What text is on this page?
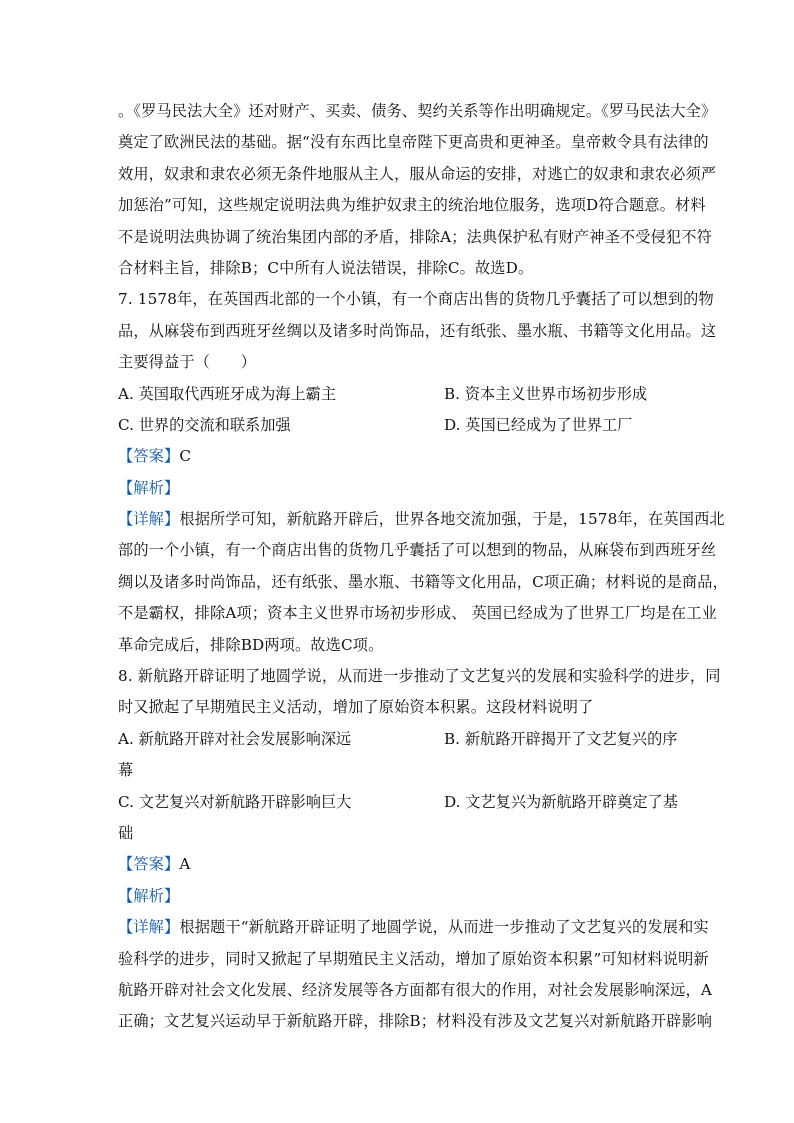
。《罗马民法大全》还对财产、买卖、债务、契约关系等作出明确规定。《罗马民法大全》
奠定了欧洲民法的基础。据“没有东西比皇帝陛下更高贵和更神圣。皇帝敕令具有法律的
效用，奴隶和隶农必须无条件地服从主人，服从命运的安排，对逃亡的奴隶和隶农必须严
加惩治”可知，这些规定说明法典为维护奴隶主的统治地位服务，选项D符合题意。材料
不是说明法典协调了统治集团内部的矛盾，排除A；法典保护私有财产神圣不受侵犯不符
合材料主旨，排除B；C中所有人说法错误，排除C。故选D。
7. 1578年，在英国西北部的一个小镇，有一个商店出售的货物几乎囊括了可以想到的物
品，从麻袋布到西班牙丝绸以及诸多时尚饰品，还有纸张、墨水瓶、书籍等文化用品。这
主要得益于（　　）
A. 英国取代西班牙成为海上霸主	B. 资本主义世界市场初步形成
C. 世界的交流和联系加强	D. 英国已经成为了世界工厂
【答案】C
【解析】
【详解】根据所学可知，新航路开辟后，世界各地交流加强，于是，1578年，在英国西北
部的一个小镇，有一个商店出售的货物几乎囊括了可以想到的物品，从麻袋布到西班牙丝
绸以及诸多时尚饰品，还有纸张、墨水瓶、书籍等文化用品，C项正确；材料说的是商品，
不是霸权，排除A项；资本主义世界市场初步形成、 英国已经成为了世界工厂均是在工业
革命完成后，排除BD两项。故选C项。
8. 新航路开辟证明了地圆学说，从而进一步推动了文艺复兴的发展和实验科学的进步，同
时又掀起了早期殖民主义活动，增加了原始资本积累。这段材料说明了
A. 新航路开辟对社会发展影响深远	B. 新航路开辟揭开了文艺复兴的序
幕
C. 文艺复兴对新航路开辟影响巨大	D. 文艺复兴为新航路开辟奠定了基
础
【答案】A
【解析】
【详解】根据题干“新航路开辟证明了地圆学说，从而进一步推动了文艺复兴的发展和实
验科学的进步，同时又掀起了早期殖民主义活动，增加了原始资本积累”可知材料说明新
航路开辟对社会文化发展、经济发展等各方面都有很大的作用，对社会发展影响深远，A
正确；文艺复兴运动早于新航路开辟，排除B；材料没有涉及文艺复兴对新航路开辟影响
